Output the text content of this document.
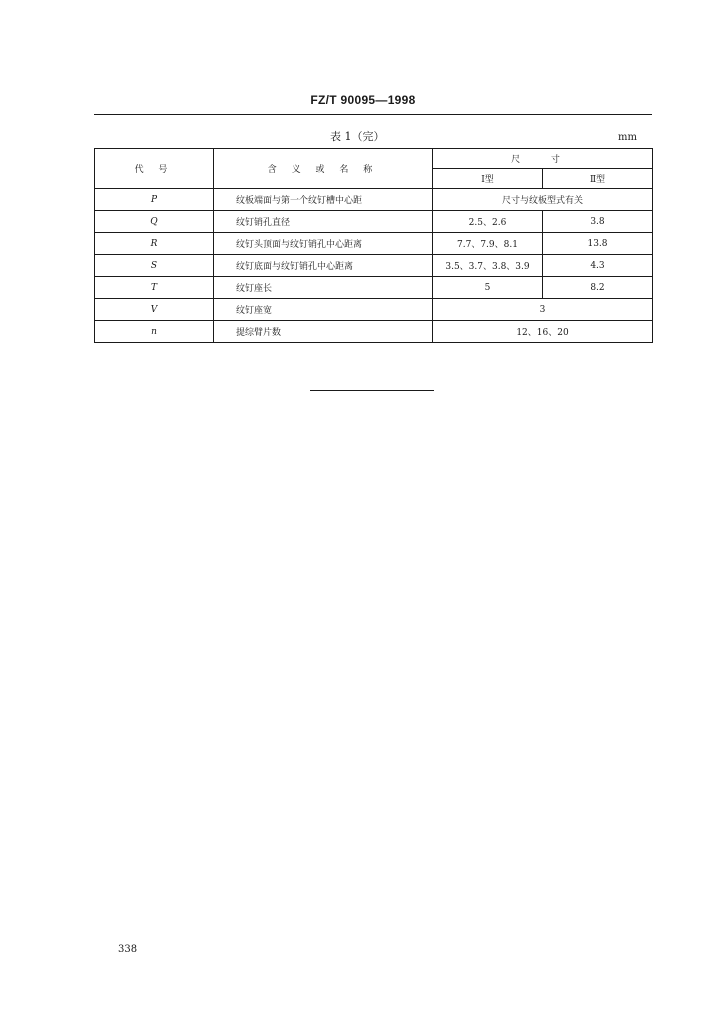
FZ/T 90095—1998
表 1（完）	mm
代 号	含 义 或 名 称	尺 寸	
		Ⅰ型	Ⅱ型
P	纹板端面与第一个纹钉槽中心距	尺寸与纹板型式有关	
Q	纹钉销孔直径	2.5、2.6	3.8
R	纹钉头顶面与纹钉销孔中心距离	7.7、7.9、8.1	13.8
S	纹钉底面与纹钉销孔中心距离	3.5、3.7、3.8、3.9	4.3
T	纹钉座长	5	8.2
V	纹钉座宽	3	
n	提综臂片数	12、16、20	
338
